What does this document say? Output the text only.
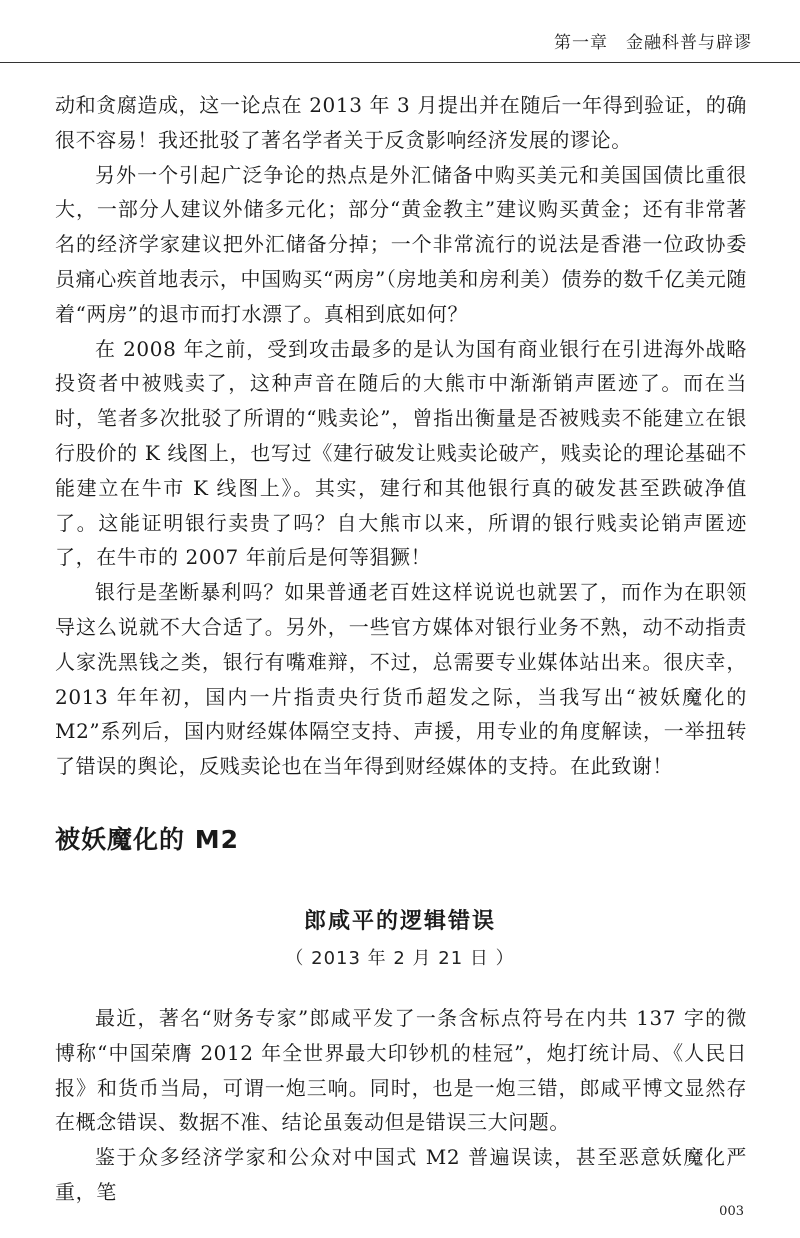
第一章　金融科普与辟谬

动和贪腐造成，这一论点在 2013 年 3 月提出并在随后一年得到验证，的确很不容易！我还批驳了著名学者关于反贪影响经济发展的谬论。

另外一个引起广泛争论的热点是外汇储备中购买美元和美国国债比重很大，一部分人建议外储多元化；部分“黄金教主”建议购买黄金；还有非常著名的经济学家建议把外汇储备分掉；一个非常流行的说法是香港一位政协委员痛心疾首地表示，中国购买“两房”（房地美和房利美）债券的数千亿美元随着“两房”的退市而打水漂了。真相到底如何？

在 2008 年之前，受到攻击最多的是认为国有商业银行在引进海外战略投资者中被贱卖了，这种声音在随后的大熊市中渐渐销声匿迹了。而在当时，笔者多次批驳了所谓的“贱卖论”，曾指出衡量是否被贱卖不能建立在银行股价的 K 线图上，也写过《建行破发让贱卖论破产，贱卖论的理论基础不能建立在牛市 K 线图上》。其实，建行和其他银行真的破发甚至跌破净值了。这能证明银行卖贵了吗？自大熊市以来，所谓的银行贱卖论销声匿迹了，在牛市的 2007 年前后是何等猖獗！

银行是垄断暴利吗？如果普通老百姓这样说说也就罢了，而作为在职领导这么说就不大合适了。另外，一些官方媒体对银行业务不熟，动不动指责人家洗黑钱之类，银行有嘴难辩，不过，总需要专业媒体站出来。很庆幸，2013 年年初，国内一片指责央行货币超发之际，当我写出“被妖魔化的 M2”系列后，国内财经媒体隔空支持、声援，用专业的角度解读，一举扭转了错误的舆论，反贱卖论也在当年得到财经媒体的支持。在此致谢！

被妖魔化的 M2
郎咸平的逻辑错误
（ 2013 年 2 月 21 日 ）

最近，著名“财务专家”郎咸平发了一条含标点符号在内共 137 字的微博称“中国荣膺 2012 年全世界最大印钞机的桂冠”，炮打统计局、《人民日报》和货币当局，可谓一炮三响。同时，也是一炮三错，郎咸平博文显然存在概念错误、数据不准、结论虽轰动但是错误三大问题。

鉴于众多经济学家和公众对中国式 M2 普遍误读，甚至恶意妖魔化严重，笔

003
